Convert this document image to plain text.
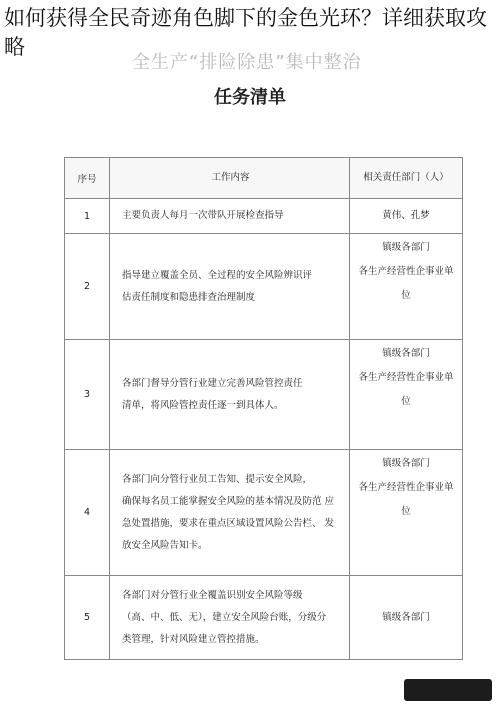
如何获得全民奇迹角色脚下的金色光环？详细获取攻略
全生产“排险除患”集中整治
任务清单
序号	工作内容	相关责任部门（人）
1	主要负责人每月一次带队开展检查指导	黄伟、孔梦

2	指导建立覆盖全员、全过程的安全风险辨识评
估责任制度和隐患排查治理制度	镇级各部门
各生产经营性企事业单
位

3	各部门督导分管行业建立完善风险管控责任
清单，将风险管控责任逐一到具体人。	镇级各部门
各生产经营性企事业单
位

4	各部门向分管行业员工告知、提示安全风险，
确保每名员工能掌握安全风险的基本情况及防范 应
急处置措施，要求在重点区域设置风险公告栏、 发
放安全风险告知卡。	镇级各部门
各生产经营性企事业单
位

5	各部门对分管行业全覆盖识别安全风险等级
（高、中、低、无），建立安全风险台账，分级分
类管理，针对风险建立管控措施。	镇级各部门
